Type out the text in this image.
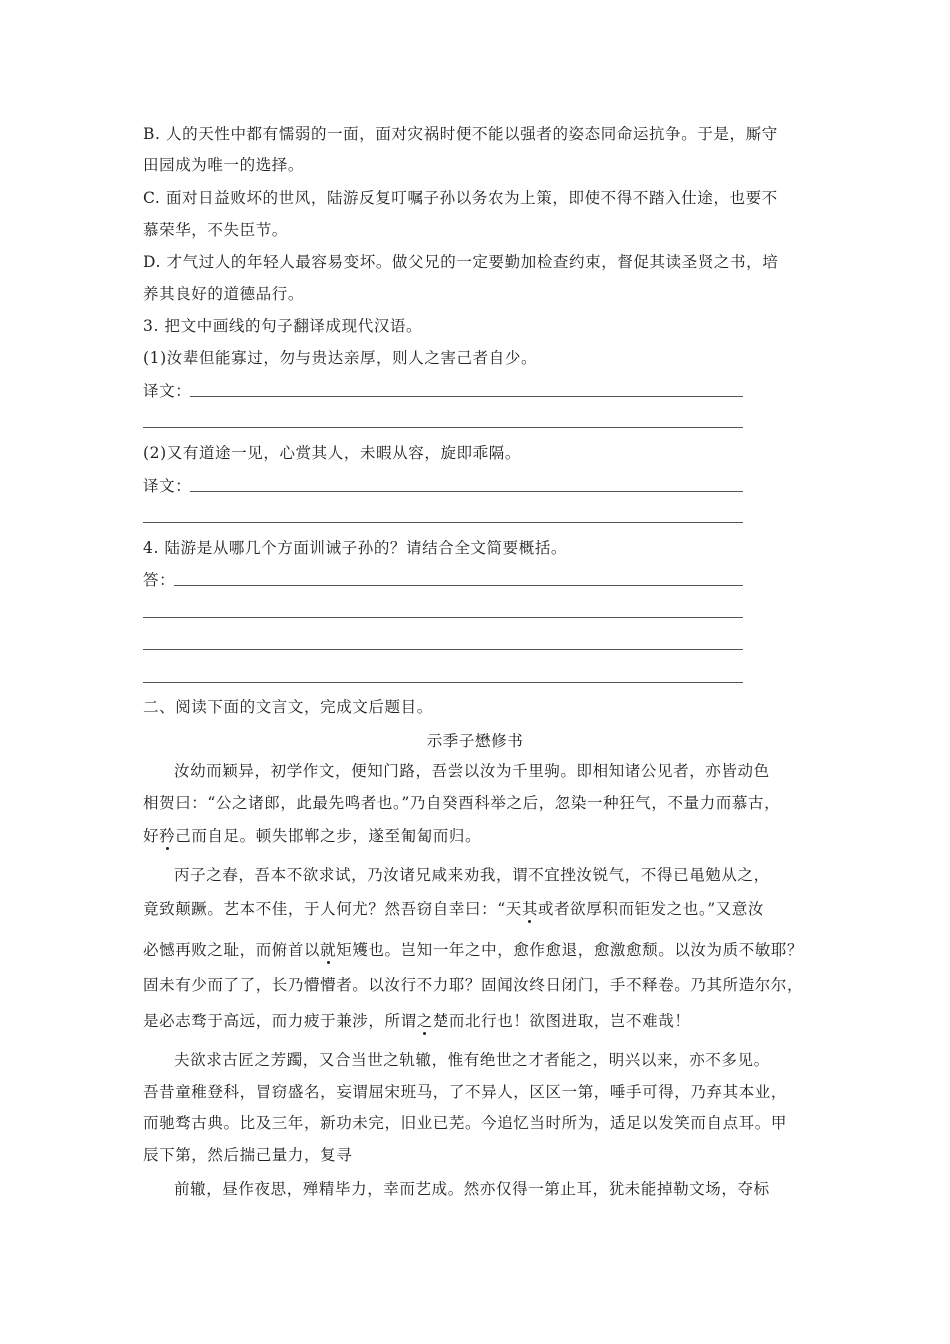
B. 人的天性中都有懦弱的一面，面对灾祸时便不能以强者的姿态同命运抗争。于是，厮守
田园成为唯一的选择。
C. 面对日益败坏的世风，陆游反复叮嘱子孙以务农为上策，即使不得不踏入仕途，也要不
慕荣华，不失臣节。
D. 才气过人的年轻人最容易变坏。做父兄的一定要勤加检查约束，督促其读圣贤之书，培
养其良好的道德品行。
3. 把文中画线的句子翻译成现代汉语。
(1)汝辈但能寡过，勿与贵达亲厚，则人之害己者自少。
译文：
(2)又有道途一见，心赏其人，未暇从容，旋即乖隔。
译文：
4. 陆游是从哪几个方面训诫子孙的？请结合全文简要概括。
答：
二、阅读下面的文言文，完成文后题目。
示季子懋修书
汝幼而颖异，初学作文，便知门路，吾尝以汝为千里驹。即相知诸公见者，亦皆动色
相贺曰：“公之诸郎，此最先鸣者也。”乃自癸酉科举之后，忽染一种狂气，不量力而慕古，
好矜己而自足。顿失邯郸之步，遂至匍匐而归。
丙子之春，吾本不欲求试，乃汝诸兄咸来劝我，谓不宜挫汝锐气，不得已黾勉从之，
竟致颠蹶。艺本不佳，于人何尤？然吾窃自幸曰：“天其或者欲厚积而钜发之也。”又意汝
必憾再败之耻，而俯首以就矩矱也。岂知一年之中，愈作愈退，愈激愈颓。以汝为质不敏耶？
固未有少而了了，长乃懵懵者。以汝行不力耶？固闻汝终日闭门，手不释卷。乃其所造尔尔，
是必志骛于高远，而力疲于兼涉，所谓之楚而北行也！欲图进取，岂不难哉！
夫欲求古匠之芳躅，又合当世之轨辙，惟有绝世之才者能之，明兴以来，亦不多见。
吾昔童稚登科，冒窃盛名，妄谓屈宋班马，了不异人，区区一第，唾手可得，乃弃其本业，
而驰骛古典。比及三年，新功未完，旧业已芜。今追忆当时所为，适足以发笑而自点耳。甲
辰下第，然后揣己量力，复寻
前辙，昼作夜思，殚精毕力，幸而艺成。然亦仅得一第止耳，犹未能掉勒文场，夺标
